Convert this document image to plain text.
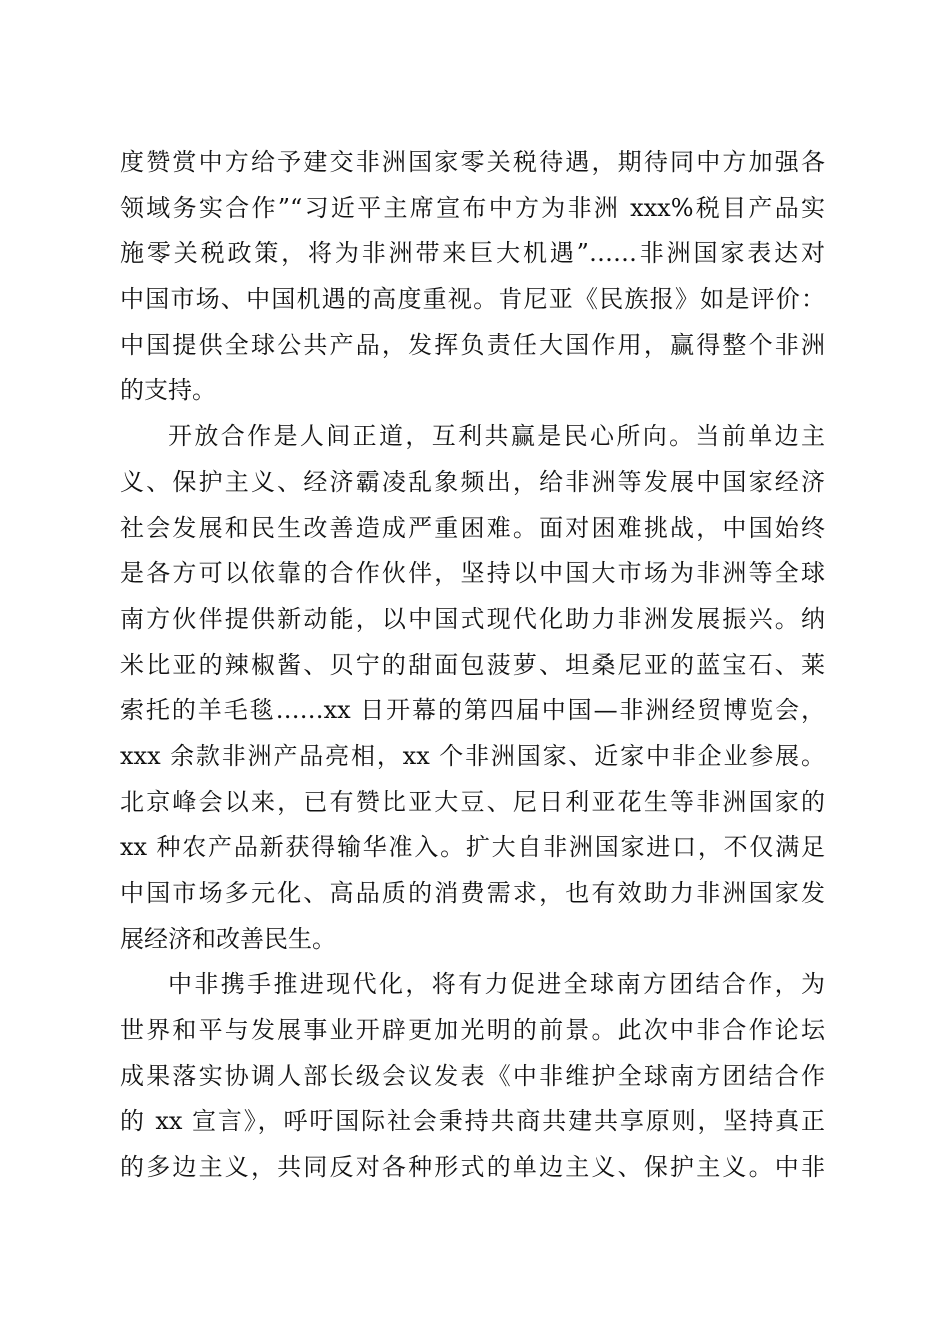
度赞赏中方给予建交非洲国家零关税待遇，期待同中方加强各
领域务实合作”“习近平主席宣布中方为非洲 xxx%税目产品实
施零关税政策，将为非洲带来巨大机遇”……非洲国家表达对
中国市场、中国机遇的高度重视。肯尼亚《民族报》如是评价：
中国提供全球公共产品，发挥负责任大国作用，赢得整个非洲
的支持。
开放合作是人间正道，互利共赢是民心所向。当前单边主
义、保护主义、经济霸凌乱象频出，给非洲等发展中国家经济
社会发展和民生改善造成严重困难。面对困难挑战，中国始终
是各方可以依靠的合作伙伴，坚持以中国大市场为非洲等全球
南方伙伴提供新动能，以中国式现代化助力非洲发展振兴。纳
米比亚的辣椒酱、贝宁的甜面包菠萝、坦桑尼亚的蓝宝石、莱
索托的羊毛毯……xx 日开幕的第四届中国—非洲经贸博览会，
xxx 余款非洲产品亮相，xx 个非洲国家、近家中非企业参展。
北京峰会以来，已有赞比亚大豆、尼日利亚花生等非洲国家的
xx 种农产品新获得输华准入。扩大自非洲国家进口，不仅满足
中国市场多元化、高品质的消费需求，也有效助力非洲国家发
展经济和改善民生。
中非携手推进现代化，将有力促进全球南方团结合作，为
世界和平与发展事业开辟更加光明的前景。此次中非合作论坛
成果落实协调人部长级会议发表《中非维护全球南方团结合作
的 xx 宣言》，呼吁国际社会秉持共商共建共享原则，坚持真正
的多边主义，共同反对各种形式的单边主义、保护主义。中非
